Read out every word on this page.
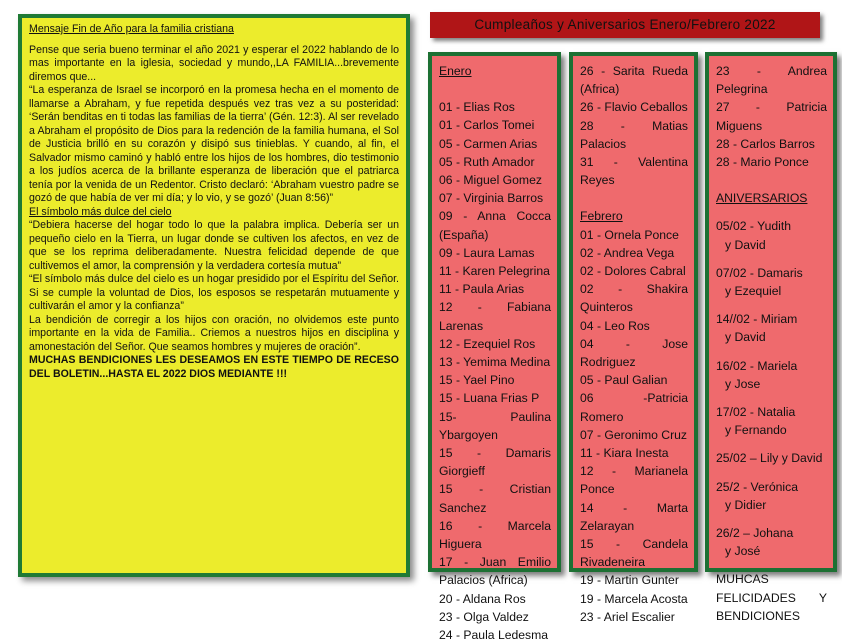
Mensaje Fin de Año para la familia cristiana

Pense que seria bueno terminar el año 2021 y esperar el 2022 hablando de lo mas importante en la iglesia, sociedad y mundo,,LA FAMILIA...brevemente diremos que...

“La esperanza de Israel se incorporó en la promesa hecha en el momento de llamarse a Abraham, y fue repetida después vez tras vez a su posteridad: ‘Serán benditas en ti todas las familias de la tierra’ (Gén. 12:3). Al ser revelado a Abraham el propósito de Dios para la redención de la familia humana, el Sol de Justicia brilló en su corazón y disipó sus tinieblas. Y cuando, al fin, el Salvador mismo caminó y habló entre los hijos de los hombres, dio testimonio a los judíos acerca de la brillante esperanza de liberación que el patriarca tenía por la venida de un Redentor. Cristo declaró: ‘Abraham vuestro padre se gozó de que había de ver mi día; y lo vio, y se gozó’ (Juan 8:56)”

El símbolo más dulce del cielo

“Debiera hacerse del hogar todo lo que la palabra implica. Debería ser un pequeño cielo en la Tierra, un lugar donde se cultiven los afectos, en vez de que se los reprima deliberadamente. Nuestra felicidad depende de que cultivemos el amor, la comprensión y la verdadera cortesía mutua”

“El símbolo más dulce del cielo es un hogar presidido por el Espíritu del Señor. Si se cumple la voluntad de Dios, los esposos se respetarán mutuamente y cultivarán el amor y la confianza”

La bendición de corregir a los hijos con oración, no olvidemos este punto importante en la vida de Familia.. Criemos a nuestros hijos en disciplina y amonestación del Señor. Que seamos hombres y mujeres de oración”.

MUCHAS BENDICIONES LES DESEAMOS EN ESTE TIEMPO DE RECESO DEL BOLETIN...HASTA EL 2022 DIOS MEDIANTE !!!

Cumpleaños y Aniversarios Enero/Febrero 2022
Enero
01 - Elias Ros
01 - Carlos Tomei
05 - Carmen Arias
05 - Ruth Amador
06 - Miguel Gomez
07 - Virginia Barros
09 - Anna Cocca (España)
09 - Laura Lamas
11 - Karen Pelegrina
11 - Paula Arias
12 - Fabiana Larenas
12 - Ezequiel Ros
13 - Yemima Medina
15 - Yael Pino
15 - Luana Frias P
15- Paulina Ybargoyen
15 - Damaris Giorgieff
15 - Cristian Sanchez
16 - Marcela Higuera
17 - Juan Emilio Palacios (Africa)
20 - Aldana Ros
23 - Olga Valdez
24 - Paula Ledesma
26 - Sarita Rueda (Africa)
26 - Flavio Ceballos
28 - Matias Palacios
31 - Valentina Reyes
Febrero
01 - Ornela Ponce
02 - Andrea Vega
02 - Dolores Cabral
02 - Shakira Quinteros
04 - Leo Ros
04 - Jose Rodriguez
05 - Paul Galian
06 -Patricia Romero
07 - Geronimo Cruz
11 - Kiara Inesta
12 - Marianela Ponce
14 - Marta Zelarayan
15 - Candela Rivadeneira
19 - Martin Gunter
19 - Marcela Acosta
23 - Ariel Escalier
23 - Andrea Pelegrina
27 - Patricia Miguens
28 - Carlos Barros
28 - Mario Ponce
ANIVERSARIOS
05/02 - Yudith
y David
07/02 - Damaris
y Ezequiel
14//02 - Miriam
y David
16/02 - Mariela
y Jose
17/02 - Natalia
y Fernando
25/02 – Lily y David
25/2 - Verónica
y Didier
26/2 – Johana
y José
MUHCAS FELICIDADES Y BENDICIONES
